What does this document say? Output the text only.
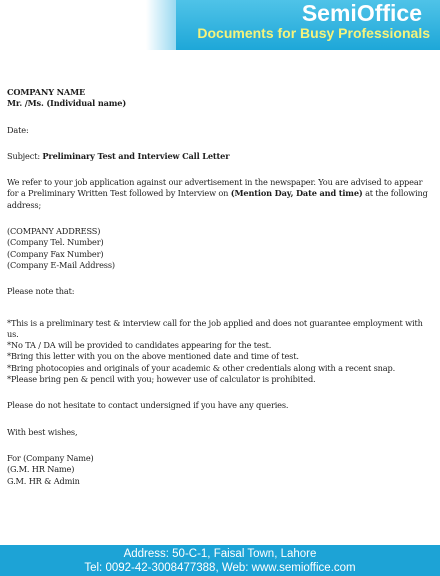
SemiOffice
Documents for Busy Professionals

COMPANY NAME

Mr. /Ms. (Individual name)

Date:

Subject: Preliminary Test and Interview Call Letter

We refer to your job application against our advertisement in the newspaper. You are advised to appear for a Preliminary Written Test followed by Interview on (Mention Day, Date and time) at the following address;

(COMPANY ADDRESS)

(Company Tel. Number)

(Company Fax Number)

(Company E-Mail Address)

Please note that:

*This is a preliminary test & interview call for the job applied and does not guarantee employment with us.

*No TA / DA will be provided to candidates appearing for the test.

*Bring this letter with you on the above mentioned date and time of test.

*Bring photocopies and originals of your academic & other credentials along with a recent snap.

*Please bring pen & pencil with you; however use of calculator is prohibited.

Please do not hesitate to contact undersigned if you have any queries.

With best wishes,

For (Company Name)

(G.M. HR Name)

G.M. HR & Admin

Address: 50-C-1, Faisal Town, Lahore
Tel: 0092-42-3008477388, Web: www.semioffice.com
